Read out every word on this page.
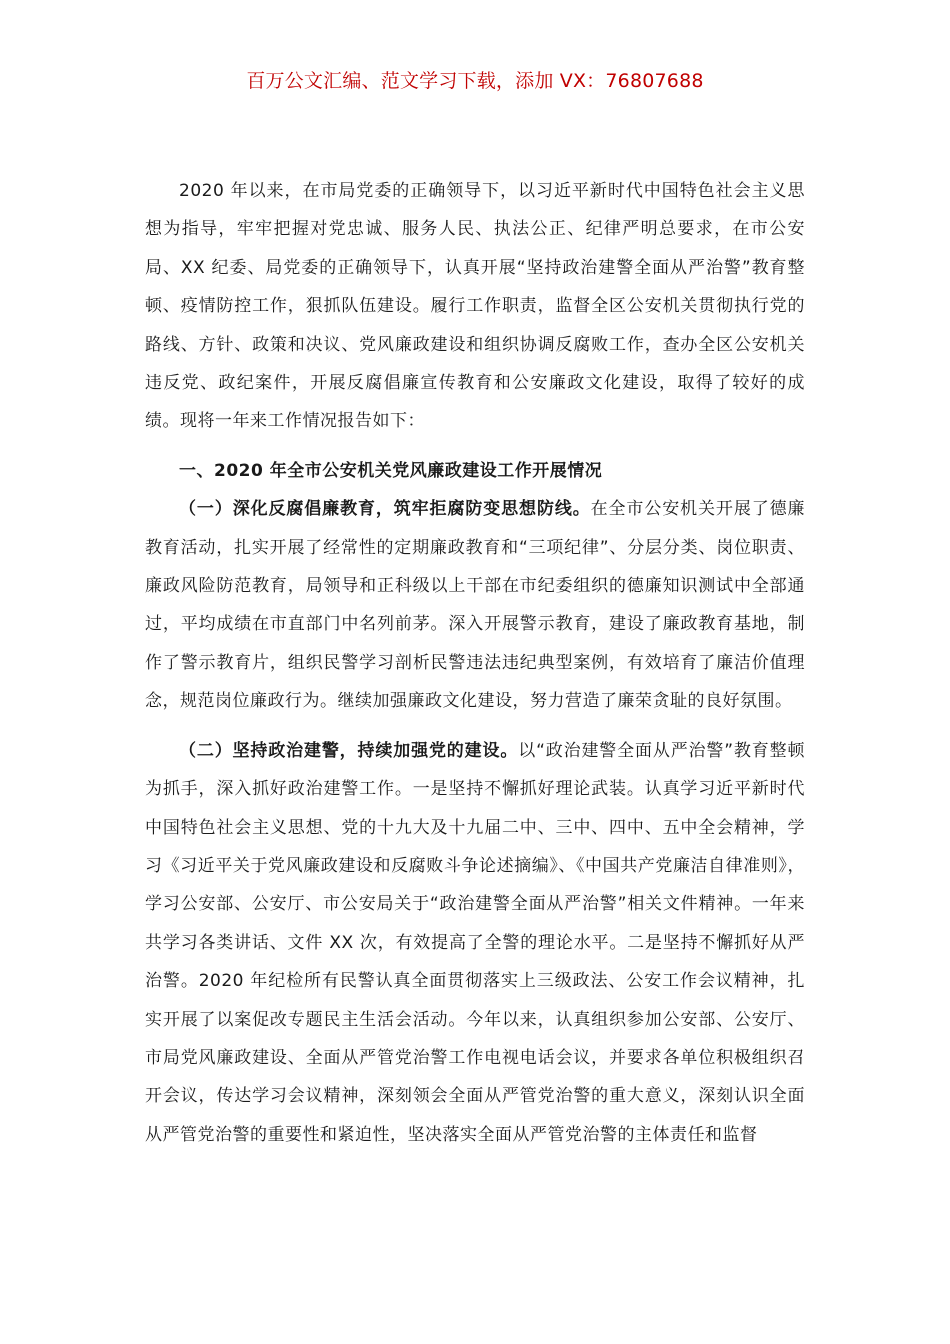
百万公文汇编、范文学习下载，添加 VX：76807688

2020 年以来，在市局党委的正确领导下，以习近平新时代中国特色社会主义思想为指导，牢牢把握对党忠诚、服务人民、执法公正、纪律严明总要求，在市公安局、XX 纪委、局党委的正确领导下，认真开展“坚持政治建警全面从严治警”教育整顿、疫情防控工作，狠抓队伍建设。履行工作职责，监督全区公安机关贯彻执行党的路线、方针、政策和决议、党风廉政建设和组织协调反腐败工作，查办全区公安机关违反党、政纪案件，开展反腐倡廉宣传教育和公安廉政文化建设，取得了较好的成绩。现将一年来工作情况报告如下：

一、2020 年全市公安机关党风廉政建设工作开展情况

（一）深化反腐倡廉教育，筑牢拒腐防变思想防线。在全市公安机关开展了德廉教育活动，扎实开展了经常性的定期廉政教育和“三项纪律”、分层分类、岗位职责、廉政风险防范教育，局领导和正科级以上干部在市纪委组织的德廉知识测试中全部通过，平均成绩在市直部门中名列前茅。深入开展警示教育，建设了廉政教育基地，制作了警示教育片，组织民警学习剖析民警违法违纪典型案例，有效培育了廉洁价值理念，规范岗位廉政行为。继续加强廉政文化建设，努力营造了廉荣贪耻的良好氛围。

（二）坚持政治建警，持续加强党的建设。以“政治建警全面从严治警”教育整顿为抓手，深入抓好政治建警工作。一是坚持不懈抓好理论武装。认真学习近平新时代中国特色社会主义思想、党的十九大及十九届二中、三中、四中、五中全会精神，学习《习近平关于党风廉政建设和反腐败斗争论述摘编》、《中国共产党廉洁自律准则》，学习公安部、公安厅、市公安局关于“政治建警全面从严治警”相关文件精神。一年来共学习各类讲话、文件 XX 次，有效提高了全警的理论水平。二是坚持不懈抓好从严治警。2020 年纪检所有民警认真全面贯彻落实上三级政法、公安工作会议精神，扎实开展了以案促改专题民主生活会活动。今年以来，认真组织参加公安部、公安厅、市局党风廉政建设、全面从严管党治警工作电视电话会议，并要求各单位积极组织召开会议，传达学习会议精神，深刻领会全面从严管党治警的重大意义，深刻认识全面从严管党治警的重要性和紧迫性，坚决落实全面从严管党治警的主体责任和监督
